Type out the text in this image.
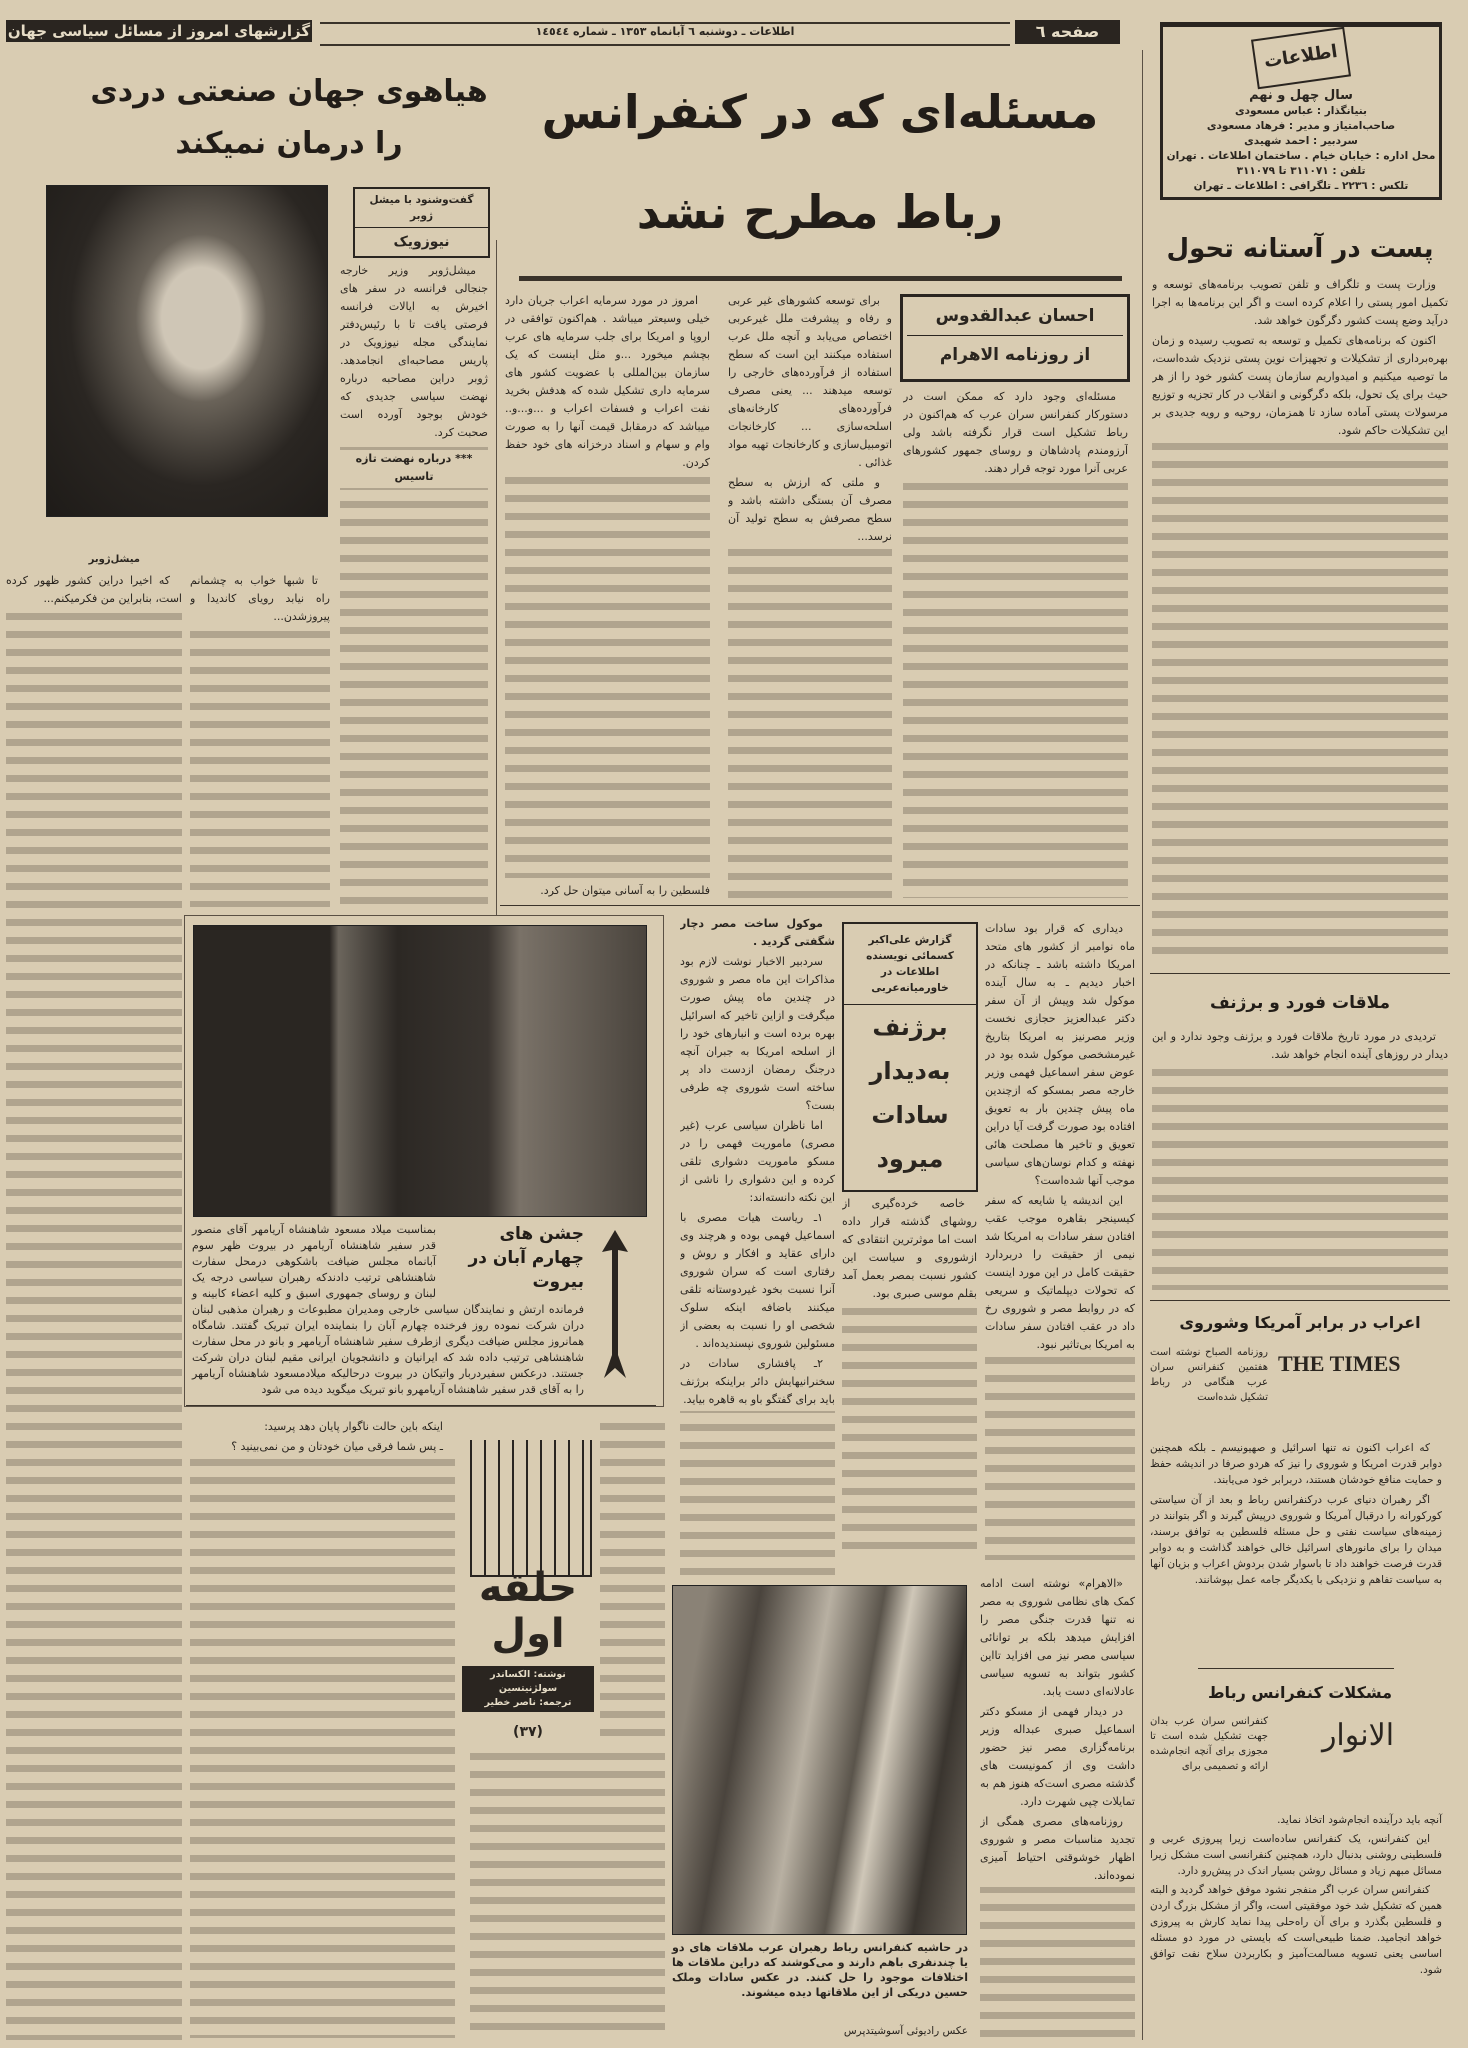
گزارشهای امروز از مسائل سیاسی جهان	اطلاعات ـ دوشنبه ٦ آبانماه ١٣٥٣ ـ شماره ١٤٥٤٤	صفحه ٦
اطلاعات
سال چهل و نهم
بنیانگذار : عباس مسعودی
صاحب‌امتیاز و مدیر : فرهاد مسعودی
سردبیر : احمد شهیدی
محل اداره : خیابان خیام . ساختمان اطلاعات . تهران
تلفن : ٣١١٠٧١ تا ٣١١٠٧٩
تلکس : ٢٢٣٦ ـ تلگرافی : اطلاعات ـ تهران
پست در آستانه تحول

وزارت پست و تلگراف و تلفن تصویب برنامه‌های توسعه و تکمیل امور پستی را اعلام کرده است و اگر این برنامه‌ها به اجرا درآید وضع پست کشور دگرگون خواهد شد.

اکنون که برنامه‌های تکمیل و توسعه به تصویب رسیده و زمان بهره‌برداری از تشکیلات و تجهیزات نوین پستی نزدیک شده‌است، ما توصیه میکنیم و امیدواریم سازمان پست کشور خود را از هر حیث برای یک تحول، بلکه دگرگونی و انقلاب در کار تجزیه و توزیع مرسولات پستی آماده سازد تا همزمان، روحیه و رویه جدیدی بر این تشکیلات حاکم شود.

ملاقات فورد و برژنف

تردیدی در مورد تاریخ ملاقات فورد و برژنف وجود ندارد و این دیدار در روزهای آینده انجام خواهد شد.

اعراب در برابر آمریکا وشوروی
THE TIMES

روزنامه الصباح نوشته است هفتمین کنفرانس سران عرب هنگامی در رباط تشکیل شده‌است

که اعراب اکنون نه تنها اسرائیل و صهیونیسم ـ بلکه همچنین دوابر قدرت امریکا و شوروی را نیز که هردو صرفا در اندیشه حفظ و حمایت منافع خودشان هستند، دربرابر خود می‌یابند.

اگر رهبران دنیای عرب درکنفرانس رباط و بعد از آن سیاستی کورکورانه را درقبال آمریکا و شوروی درپیش گیرند و اگر بتوانند در زمینه‌های سیاست نفتی و حل مسئله فلسطین به توافق برسند، میدان را برای مانورهای اسرائیل خالی خواهند گذاشت و به دوابر قدرت فرصت خواهند داد تا باسوار شدن بردوش اعراب و بزیان آنها به سیاست تفاهم و نزدیکی با یکدیگر جامه عمل بپوشانند.

مشکلات کنفرانس رباط
الانوار

کنفرانس سران عرب بدان جهت تشکیل شده است تا مجوزی برای آنچه انجام‌شده ارائه و تصمیمی برای

آنچه باید درآینده انجام‌شود اتخاذ نماید.

این کنفرانس، یک کنفرانس ساده‌است زیرا پیروزی عربی و فلسطینی روشنی بدنبال دارد، همچنین کنفرانسی است مشکل زیرا مسائل مبهم زیاد و مسائل روشن بسیار اندک در پیش‌رو دارد.

کنفرانس سران عرب اگر منفجر نشود موفق خواهد گردید و البته همین که تشکیل شد خود موفقیتی است، واگر از مشکل بزرگ اردن و فلسطین بگذرد و برای آن راه‌حلی پیدا نماید کارش به پیروزی خواهد انجامید. ضمنا طبیعی‌است که بایستی در مورد دو مسئله اساسی یعنی تسویه مسالمت‌آمیز و بکاربردن سلاح نفت توافق شود.

مسئله‌ای که در کنفرانس رباط مطرح نشد
احسان عبدالقدوس
از روزنامه الاهرام

مسئله‌ای وجود دارد که ممکن است در دستورکار کنفرانس سران عرب که هم‌اکنون در رباط تشکیل است قرار نگرفته باشد ولی آرزومندم پادشاهان و روسای جمهور کشورهای عربی آنرا مورد توجه قرار دهند.

برای توسعه کشورهای غیر عربی و رفاه و پیشرفت ملل غیرعربی اختصاص می‌یابد و آنچه ملل عرب استفاده میکنند این است که سطح استفاده از فرآورده‌های خارجی را توسعه میدهند ... یعنی مصرف فرآورده‌های کارخانه‌های اسلحه‌سازی ... کارخانجات اتومبیل‌سازی و کارخانجات تهیه مواد غذائی .

و ملتی که ارزش به سطح مصرف آن بستگی داشته باشد و سطح مصرفش به سطح تولید آن نرسد...

امروز در مورد سرمایه اعراب جریان دارد خیلی وسیعتر میباشد . هم‌اکنون توافقی در اروپا و امریکا برای جلب سرمایه های عرب بچشم میخورد ...و مثل اینست که یک سازمان بین‌المللی با عضویت کشور های سرمایه داری تشکیل شده که هدفش بخرید نفت اعراب و فسفات اعراب و ...و...و.. میباشد که درمقابل قیمت آنها را به صورت وام و سهام و اسناد درخزانه های خود حفظ کردن.

فلسطین را به آسانی میتوان حل کرد.
هیاهوی جهان صنعتی دردی را درمان نمیکند
میشل‌ژوبر
گفت‌وشنود با میشل ژوبر
نیوزویک

میشل‌ژوبر وزیر خارجه جنجالی فرانسه در سفر های اخیرش به ایالات فرانسه فرصتی یافت تا با رئیس‌دفتر نمایندگی مجله نیوزویک در پاریس مصاحبه‌ای انجامدهد. ژوبر دراین مصاحبه درباره نهضت سیاسی جدیدی که خودش بوجود آورده است صحبت کرد.

*** درباره نهضت تازه تاسیس

تا شبها خواب به چشمانم راه نیابد رویای کاندیدا و پیروزشدن...

که اخیرا دراین کشور ظهور کرده است، بنابراین من فکرمیکنم...

جشن های چهارم آبان در بیروت
بمناسبت میلاد مسعود شاهنشاه آریامهر آقای منصور قدر سفیر شاهنشاه آریامهر در بیروت ظهر سوم آبانماه مجلس ضیافت باشکوهی درمحل سفارت شاهنشاهی ترتیب دادندکه رهبران سیاسی درجه یک لبنان و روسای جمهوری اسبق و کلیه اعضاء کابینه و فرمانده ارتش و نمایندگان سیاسی خارجی ومدیران مطبوعات و رهبران مذهبی لبنان دران شرکت نموده روز فرخنده چهارم آبان را بنماینده ایران تبریک گفتند. شامگاه همانروز مجلس ضیافت دیگری ازطرف سفیر شاهنشاه آریامهر و بانو در محل سفارت شاهنشاهی ترتیب داده شد که ایرانیان و دانشجویان ایرانی مقیم لبنان دران شرکت جستند. درعکس سفیردربار واتیکان در بیروت درحالیکه میلادمسعود شاهنشاه آریامهر را به آقای قدر سفیر شاهنشاه آریامهرو بانو تبریک میگوید دیده می شود
حلقه اول
نوشته: الکساندر سولژنیتسین
ترجمه: ناصر خطیر
(٣٧)

اینکه باین حالت ناگوار پایان دهد پرسید:

ـ پس شما فرقی میان خودتان و من نمی‌بینید ؟

گزارش علی‌اکبر کسمائی نویسنده اطلاعات در خاورمیانه‌عربی
برژنف
به‌دیدار
سادات
میرود

دیداری که قرار بود سادات ماه نوامبر از کشور های متحد امریکا داشته باشد ـ چنانکه در اخبار دیدیم ـ به سال آینده موکول شد وپیش از آن سفر دکتر عبدالعزیز حجازی نخست وزیر مصرنیز به امریکا بتاریخ غیرمشخصی موکول شده بود در عوض سفر اسماعیل فهمی وزیر خارجه مصر بمسکو که ازچندین ماه پیش چندین بار به تعویق افتاده بود صورت گرفت آیا دراین تعویق و تاخیر ها مصلحت هائی نهفته و کدام نوسان‌های سیاسی موجب آنها شده‌است؟

این اندیشه یا شایعه که سفر کیسینجر بقاهره موجب عقب افتادن سفر سادات به امریکا شد نیمی از حقیقت را دربردارد حقیقت کامل در این مورد اینست که تحولات دیپلماتیک و سریعی که در روابط مصر و شوروی رخ داد در عقب افتادن سفر سادات به امریکا بی‌تاثیر نبود.

خاصه خرده‌گیری از روشهای گذشته قرار داده است اما موثرترین انتقادی که ازشوروی و سیاست این کشور نسبت بمصر بعمل آمد بقلم موسی صبری بود.

موکول ساخت مصر دچار شگفتی گردید .

سردبیر الاخبار نوشت لازم بود مذاکرات این ماه مصر و شوروی در چندین ماه پیش صورت میگرفت و ازاین تاخیر که اسرائیل بهره برده است و انبارهای خود را از اسلحه امریکا به جبران آنچه درجنگ رمضان ازدست داد پر ساخته است شوروی چه طرفی بست؟

اما ناظران سیاسی عرب (غیر مصری) ماموریت فهمی را در مسکو ماموریت دشواری تلقی کرده و این دشواری را ناشی از این نکته دانسته‌اند:

١ـ ریاست هیات مصری با اسماعیل فهمی بوده و هرچند وی دارای عقاید و افکار و روش و رفتاری است که سران شوروی آنرا نسبت بخود غیردوستانه تلقی میکنند باضافه اینکه سلوک شخصی او را نسبت به بعضی از مسئولین شوروی نپسندیده‌اند .

٢ـ پافشاری سادات در سخنرانیهایش دائر براینکه برژنف باید برای گفتگو باو به قاهره بیاید.

در حاشیه کنفرانس رباط رهبران عرب ملاقات های دو یا چندنفری باهم دارند و می‌کوشند که دراین ملاقات ها اختلافات موجود را حل کنند. در عکس سادات وملک حسین دریکی از این ملاقاتها دیده میشوند.
عکس رادیوئی آسوشیتدپرس

«الاهرام» نوشته است ادامه کمک های نظامی شوروی به مصر نه تنها قدرت جنگی مصر را افزایش میدهد بلکه بر توانائی سیاسی مصر نیز می افزاید تااین کشور بتواند به تسویه سیاسی عادلانه‌ای دست یابد.

در دیدار فهمی از مسکو دکتر اسماعیل صبری عبداله وزیر برنامه‌گزاری مصر نیز حضور داشت وی از کمونیست های گذشته مصری است‌که هنوز هم به تمایلات چپی شهرت دارد.

روزنامه‌های مصری همگی از تجدید مناسبات مصر و شوروی اظهار خوشوقتی احتیاط آمیزی نموده‌اند.
